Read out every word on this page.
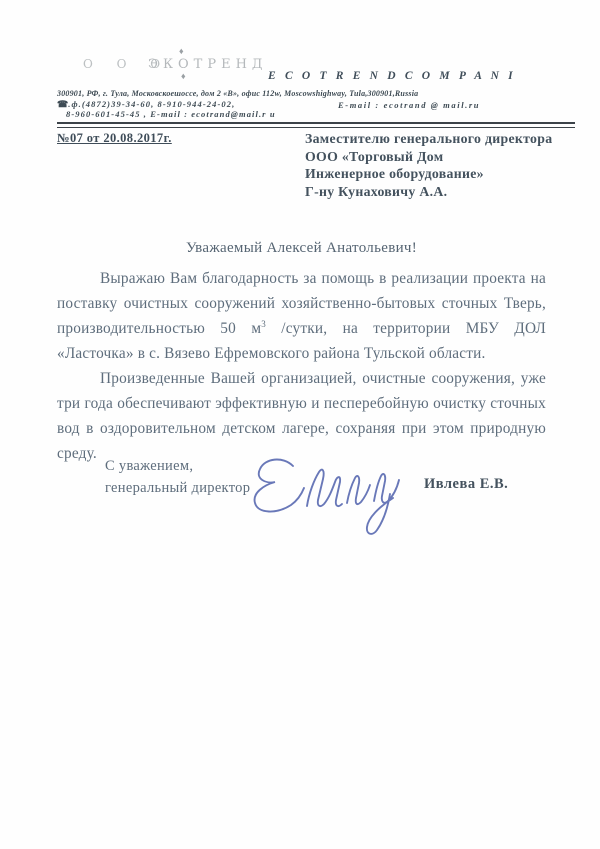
О О О
ЭКОТРЕНД
♦
♦	E C O T R E N D C O M P A N I
300901, РФ, г. Тула, Московскоешоссе, дом 2 «В», офис 112w, Moscowshighway, Tula,300901,Russia
☎.ф.(4872)39-34-60, 8-910-944-24-02,	E-mail : ecotrand @ mail.ru
8-960-601-45-45 , E-mail : ecotrand@mail.r u
№07 от 20.08.2017г.	Заместителю генерального директора
ООО «Торговый Дом
Инженерное оборудование»
Г-ну Кунаховичу А.А.
Уважаемый Алексей Анатольевич!

Выражаю Вам благодарность за помощь в реализации проекта на поставку очистных сооружений хозяйственно-бытовых сточных Тверь, производительностью 50 $м^3$ /сутки, на территории МБУ ДОЛ «Ласточка» в с. Вязево Ефремовского района Тульской области.

Произведенные Вашей организацией, очистные сооружения, уже три года обеспечивают эффективную и песперебойную очистку сточных вод в оздоровительном детском лагере, сохраняя при этом природную среду.

С уважением,
генеральный директор	Ивлева Е.В.
